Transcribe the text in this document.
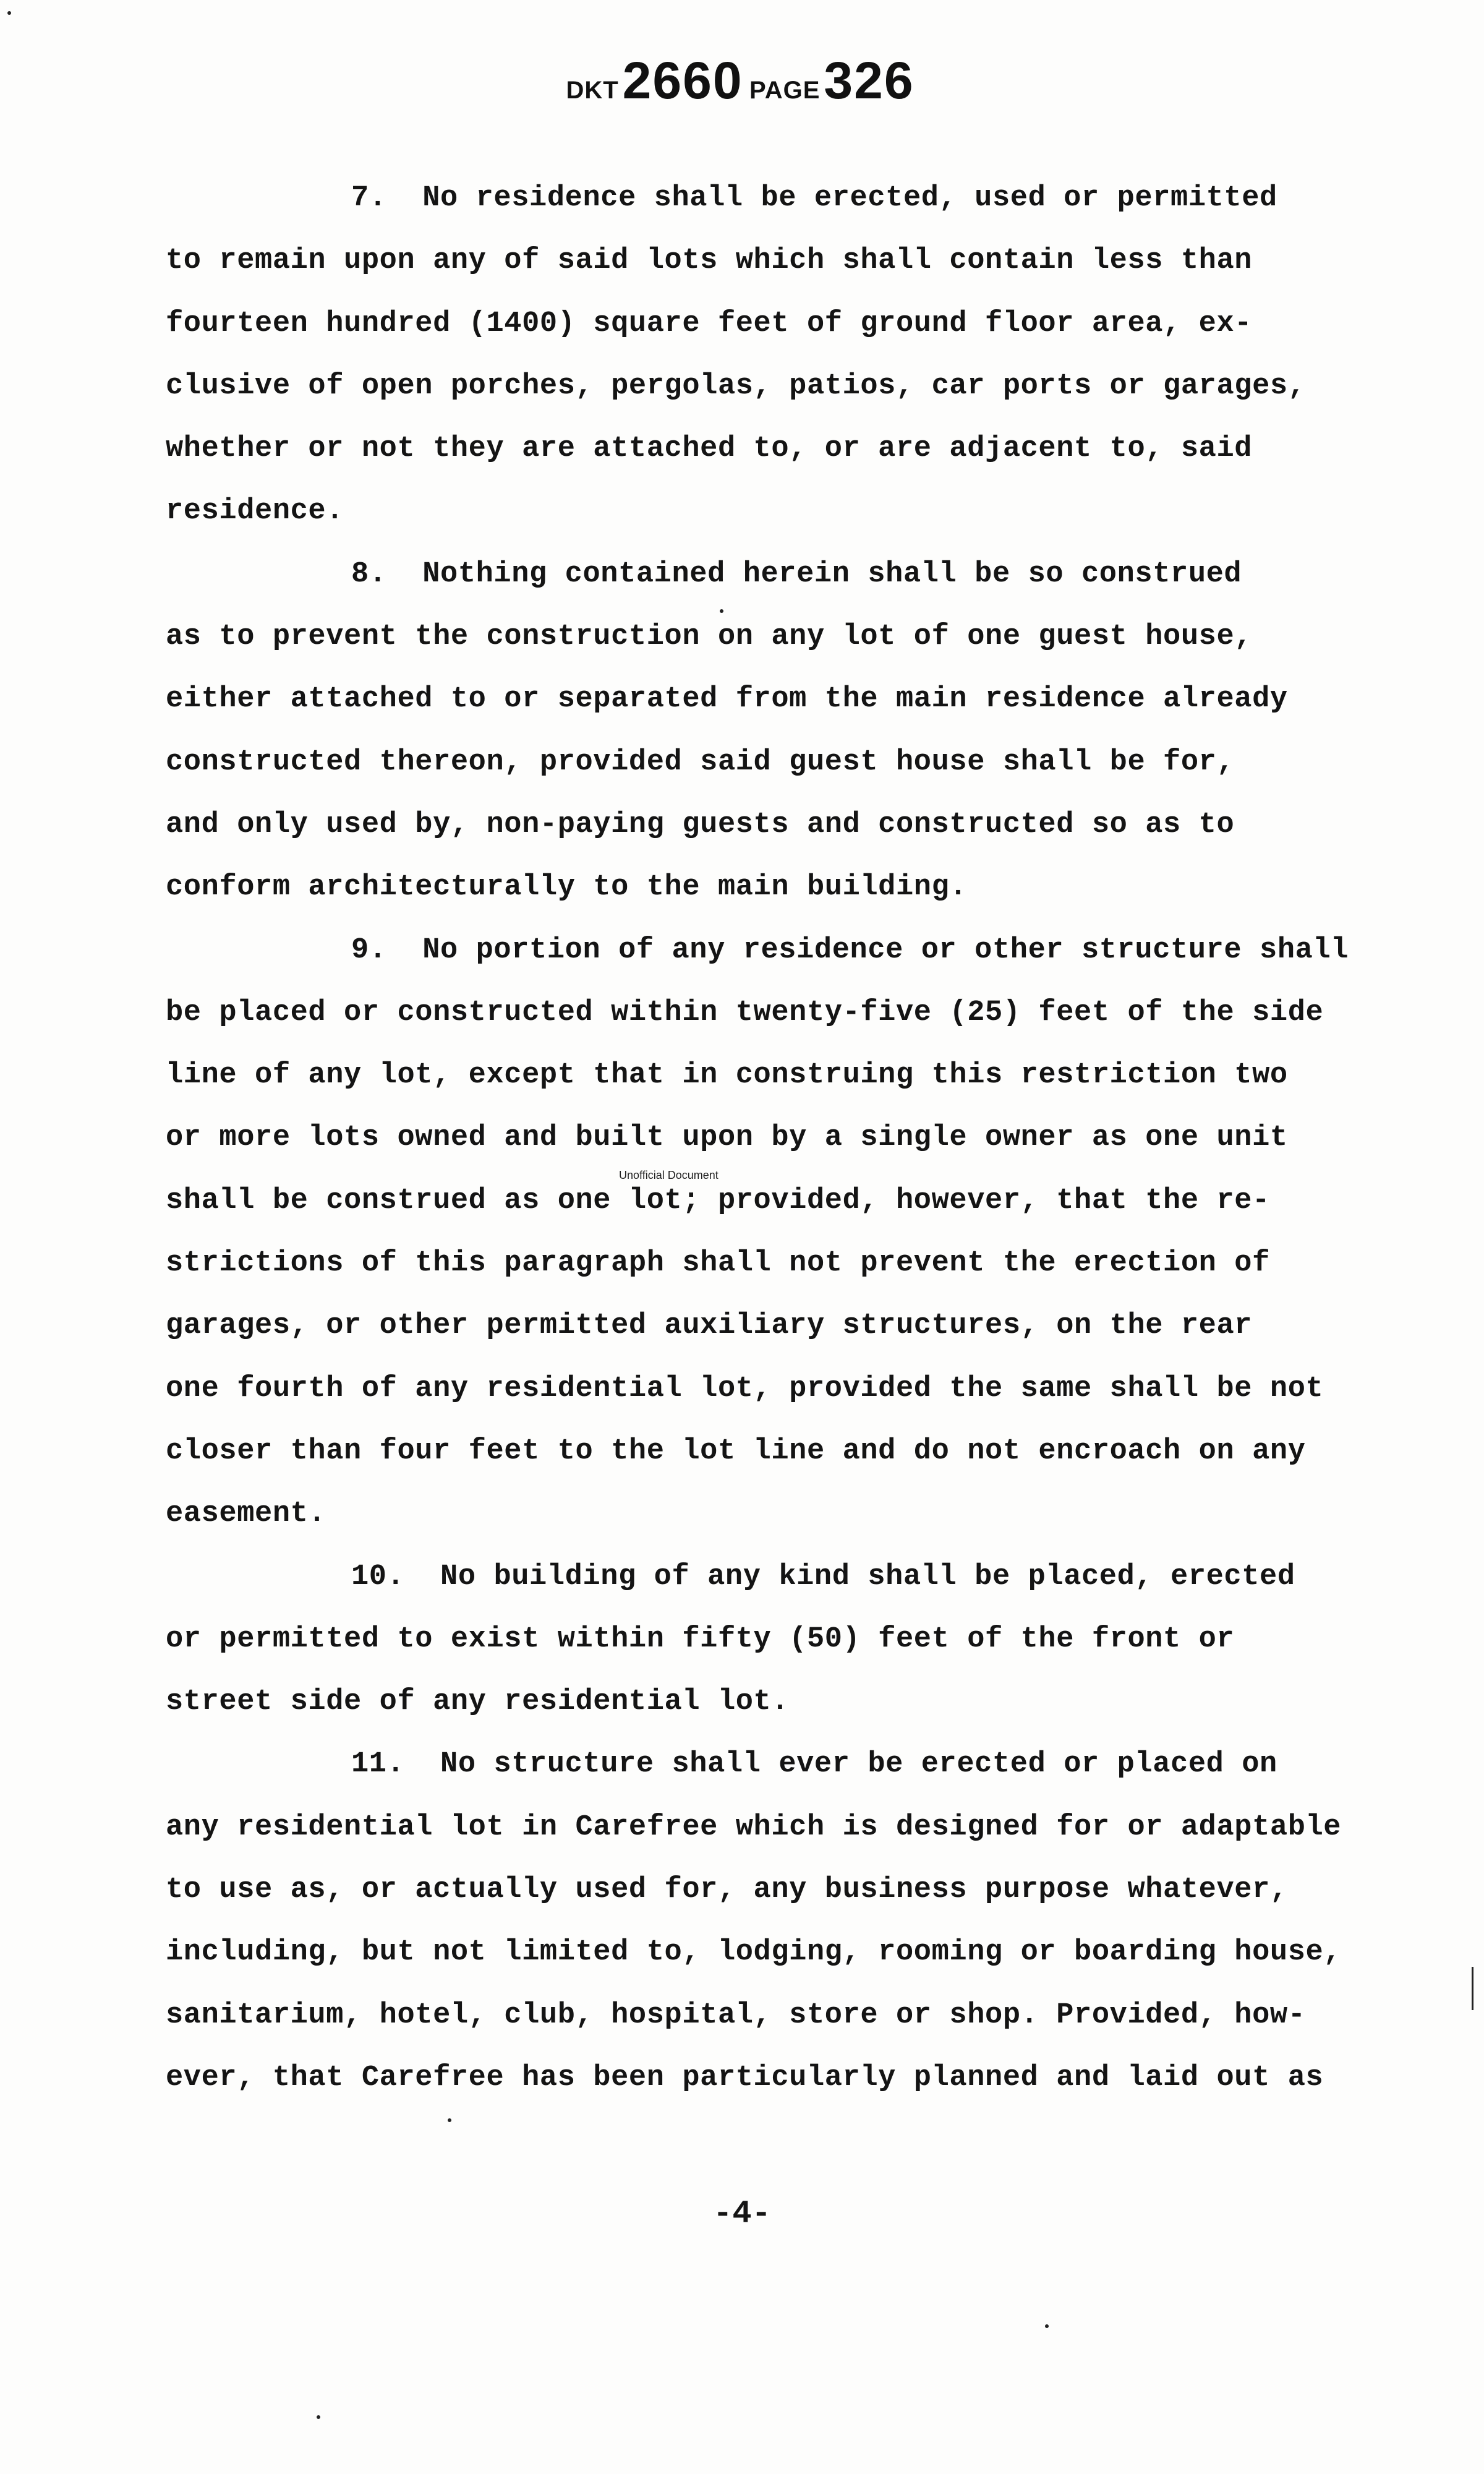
DKT2660 PAGE326
7. No residence shall be erected, used or permitted
to remain upon any of said lots which shall contain less than
fourteen hundred (1400) square feet of ground floor area, ex-
clusive of open porches, pergolas, patios, car ports or garages,
whether or not they are attached to, or are adjacent to, said
residence.
8. Nothing contained herein shall be so construed
as to prevent the construction on any lot of one guest house,
either attached to or separated from the main residence already
constructed thereon, provided said guest house shall be for,
and only used by, non-paying guests and constructed so as to
conform architecturally to the main building.
9. No portion of any residence or other structure shall
be placed or constructed within twenty-five (25) feet of the side
line of any lot, except that in construing this restriction two
or more lots owned and built upon by a single owner as one unit
shall be construed as one lot; provided, however, that the re-
strictions of this paragraph shall not prevent the erection of
garages, or other permitted auxiliary structures, on the rear
one fourth of any residential lot, provided the same shall be not
closer than four feet to the lot line and do not encroach on any
easement.
10. No building of any kind shall be placed, erected
or permitted to exist within fifty (50) feet of the front or
street side of any residential lot.
11. No structure shall ever be erected or placed on
any residential lot in Carefree which is designed for or adaptable
to use as, or actually used for, any business purpose whatever,
including, but not limited to, lodging, rooming or boarding house,
sanitarium, hotel, club, hospital, store or shop. Provided, how-
ever, that Carefree has been particularly planned and laid out as
Unofficial Document
-4-
